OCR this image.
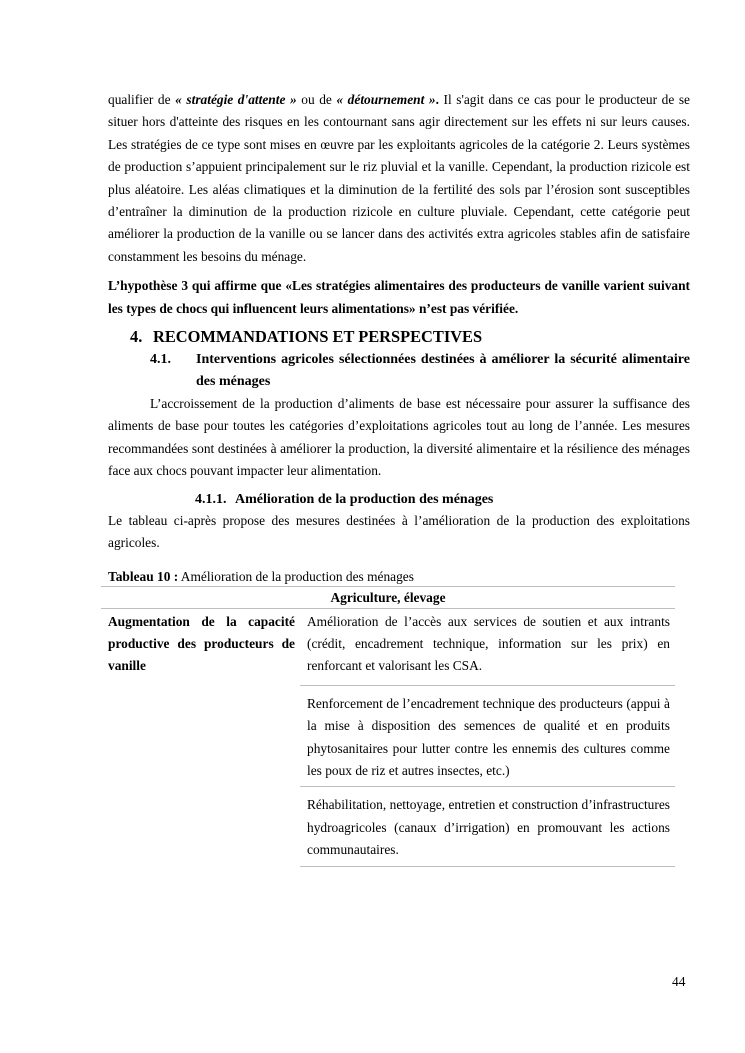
qualifier de « stratégie d'attente » ou de « détournement ». Il s'agit dans ce cas pour le producteur de se situer hors d'atteinte des risques en les contournant sans agir directement sur les effets ni sur leurs causes. Les stratégies de ce type sont mises en œuvre par les exploitants agricoles de la catégorie 2. Leurs systèmes de production s’appuient principalement sur le riz pluvial et la vanille. Cependant, la production rizicole est plus aléatoire. Les aléas climatiques et la diminution de la fertilité des sols par l’érosion sont susceptibles d’entraîner la diminution de la production rizicole en culture pluviale. Cependant, cette catégorie peut améliorer la production de la vanille ou se lancer dans des activités extra agricoles stables afin de satisfaire constamment les besoins du ménage.

L’hypothèse 3 qui affirme que «Les stratégies alimentaires des producteurs de vanille varient suivant les types de chocs qui influencent leurs alimentations» n’est pas vérifiée.

4. RECOMMANDATIONS ET PERSPECTIVES
4.1.	Interventions agricoles sélectionnées destinées à améliorer la sécurité alimentaire des ménages

L’accroissement de la production d’aliments de base est nécessaire pour assurer la suffisance des aliments de base pour toutes les catégories d’exploitations agricoles tout au long de l’année. Les mesures recommandées sont destinées à améliorer la production, la diversité alimentaire et la résilience des ménages face aux chocs pouvant impacter leur alimentation.

4.1.1. Amélioration de la production des ménages

Le tableau ci-après propose des mesures destinées à l’amélioration de la production des exploitations agricoles.

Tableau 10 : Amélioration de la production des ménages
Agriculture, élevage
Augmentation de la capacité productive des producteurs de vanille	Amélioration de l’accès aux services de soutien et aux intrants (crédit, encadrement technique, information sur les prix) en renforcant et valorisant les CSA.
Renforcement de l’encadrement technique des producteurs (appui à la mise à disposition des semences de qualité et en produits phytosanitaires pour lutter contre les ennemis des cultures comme les poux de riz et autres insectes, etc.)
Réhabilitation, nettoyage, entretien et construction d’infrastructures hydroagricoles (canaux d’irrigation) en promouvant les actions communautaires.
44
